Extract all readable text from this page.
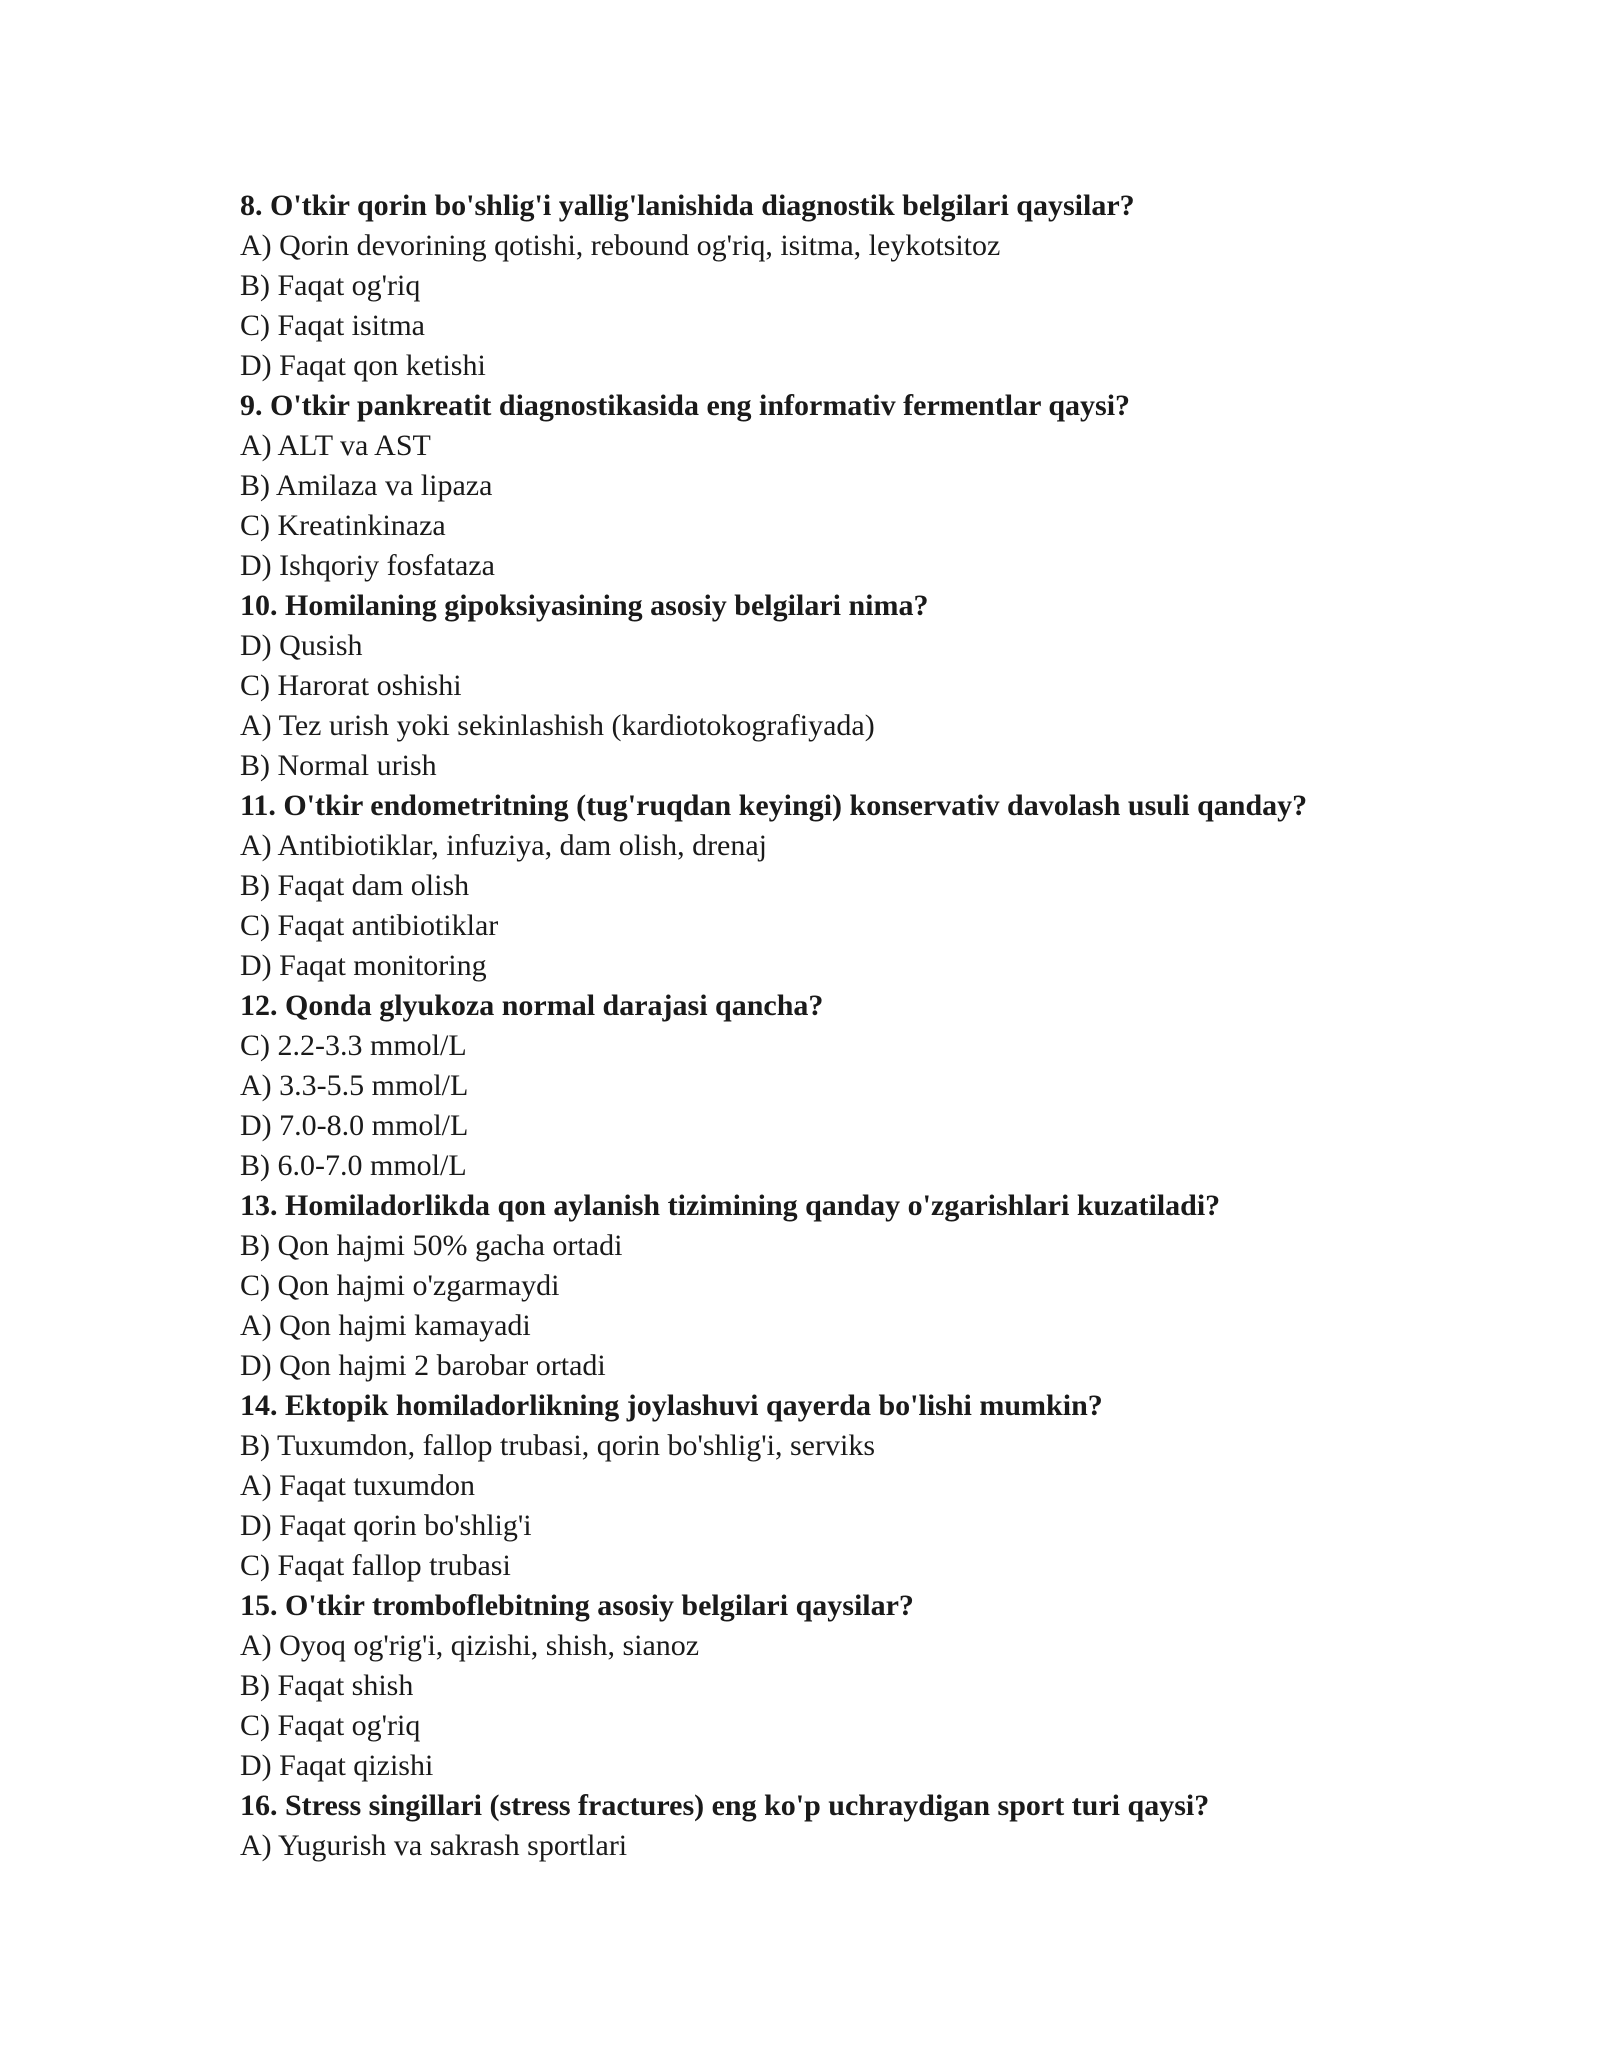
8. O'tkir qorin bo'shlig'i yallig'lanishida diagnostik belgilari qaysilar?
A) Qorin devorining qotishi, rebound og'riq, isitma, leykotsitoz
B) Faqat og'riq
C) Faqat isitma
D) Faqat qon ketishi
9. O'tkir pankreatit diagnostikasida eng informativ fermentlar qaysi?
A) ALT va AST
B) Amilaza va lipaza
C) Kreatinkinaza
D) Ishqoriy fosfataza
10. Homilaning gipoksiyasining asosiy belgilari nima?
D) Qusish
C) Harorat oshishi
A) Tez urish yoki sekinlashish (kardiotokografiyada)
B) Normal urish
11. O'tkir endometritning (tug'ruqdan keyingi) konservativ davolash usuli qanday?
A) Antibiotiklar, infuziya, dam olish, drenaj
B) Faqat dam olish
C) Faqat antibiotiklar
D) Faqat monitoring
12. Qonda glyukoza normal darajasi qancha?
C) 2.2-3.3 mmol/L
A) 3.3-5.5 mmol/L
D) 7.0-8.0 mmol/L
B) 6.0-7.0 mmol/L
13. Homiladorlikda qon aylanish tizimining qanday o'zgarishlari kuzatiladi?
B) Qon hajmi 50% gacha ortadi
C) Qon hajmi o'zgarmaydi
A) Qon hajmi kamayadi
D) Qon hajmi 2 barobar ortadi
14. Ektopik homiladorlikning joylashuvi qayerda bo'lishi mumkin?
B) Tuxumdon, fallop trubasi, qorin bo'shlig'i, serviks
A) Faqat tuxumdon
D) Faqat qorin bo'shlig'i
C) Faqat fallop trubasi
15. O'tkir tromboflebitning asosiy belgilari qaysilar?
A) Oyoq og'rig'i, qizishi, shish, sianoz
B) Faqat shish
C) Faqat og'riq
D) Faqat qizishi
16. Stress singillari (stress fractures) eng ko'p uchraydigan sport turi qaysi?
A) Yugurish va sakrash sportlari
